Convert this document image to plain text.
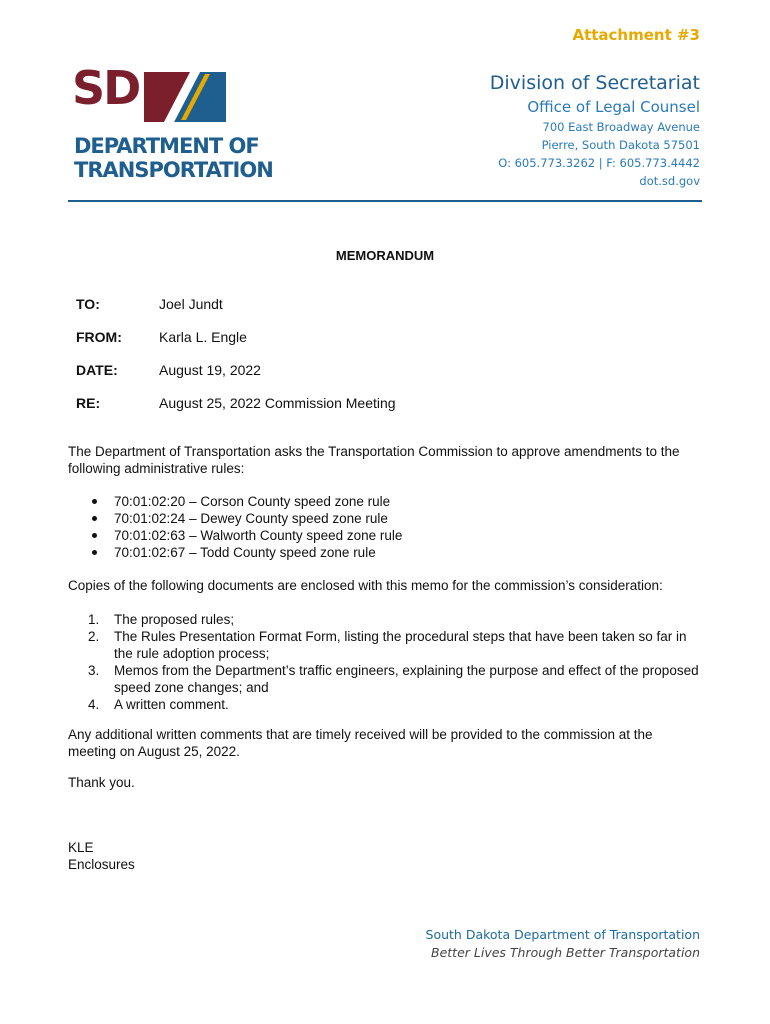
Attachment #3
SD
DEPARTMENT OF
TRANSPORTATION
Division of Secretariat
Office of Legal Counsel
700 East Broadway Avenue
Pierre, South Dakota 57501
O: 605.773.3262 | F: 605.773.4442
dot.sd.gov
MEMORANDUM
TO:	Joel Jundt
FROM:	Karla L. Engle
DATE:	August 19, 2022
RE:	August 25, 2022 Commission Meeting
The Department of Transportation asks the Transportation Commission to approve amendments to the following administrative rules:
70:01:02:20 – Corson County speed zone rule
70:01:02:24 – Dewey County speed zone rule
70:01:02:63 – Walworth County speed zone rule
70:01:02:67 – Todd County speed zone rule
Copies of the following documents are enclosed with this memo for the commission’s consideration:
1. The proposed rules;
2. The Rules Presentation Format Form, listing the procedural steps that have been taken so far in the rule adoption process;
3. Memos from the Department’s traffic engineers, explaining the purpose and effect of the proposed speed zone changes; and
4. A written comment.
Any additional written comments that are timely received will be provided to the commission at the meeting on August 25, 2022.
Thank you.
KLE
Enclosures
South Dakota Department of Transportation
Better Lives Through Better Transportation
